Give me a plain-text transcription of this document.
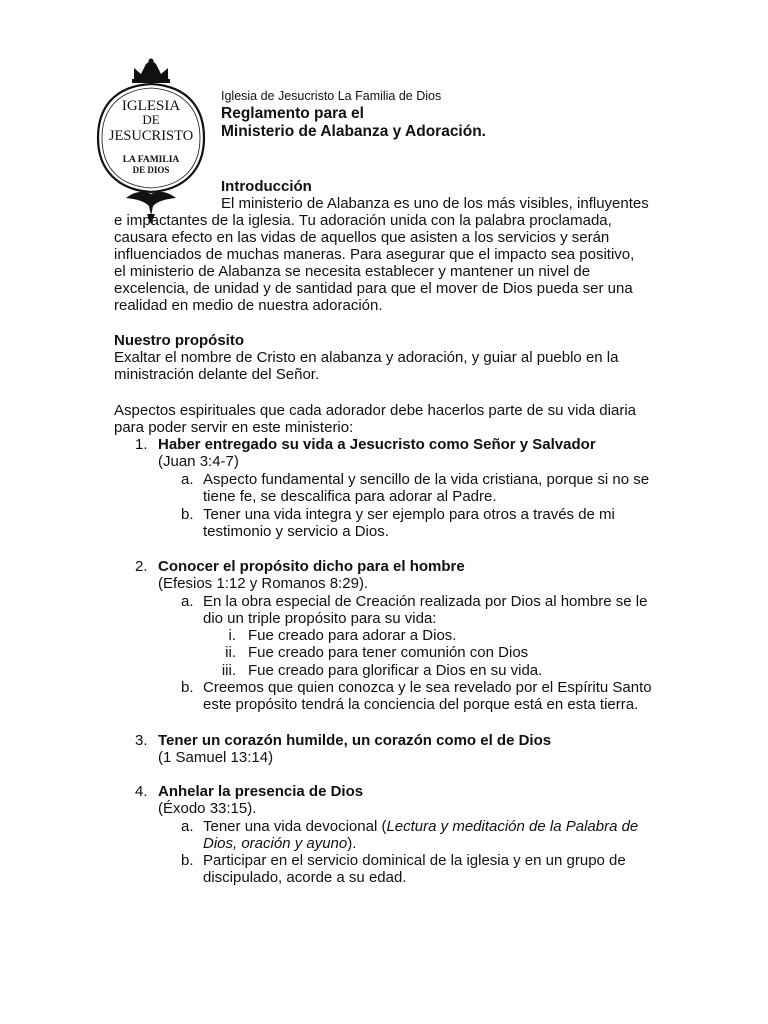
IGLESIA
DE
JESUCRISTO
LA FAMILIA
DE DIOS
Iglesia de Jesucristo La Familia de Dios
Reglamento para el
Ministerio de Alabanza y Adoración.
Introducción
El ministerio de Alabanza es uno de los más visibles, influyentes
e impactantes de la iglesia. Tu adoración unida con la palabra proclamada,
causara efecto en las vidas de aquellos que asisten a los servicios y serán
influenciados de muchas maneras. Para asegurar que el impacto sea positivo,
el ministerio de Alabanza se necesita establecer y mantener un nivel de
excelencia, de unidad y de santidad para que el mover de Dios pueda ser una
realidad en medio de nuestra adoración.
Nuestro propósito
Exaltar el nombre de Cristo en alabanza y adoración, y guiar al pueblo en la
ministración delante del Señor.
Aspectos espirituales que cada adorador debe hacerlos parte de su vida diaria
para poder servir en este ministerio:
1. Haber entregado su vida a Jesucristo como Señor y Salvador
(Juan 3:4-7)
a. Aspecto fundamental y sencillo de la vida cristiana, porque si no se
tiene fe, se descalifica para adorar al Padre.
b. Tener una vida integra y ser ejemplo para otros a través de mi
testimonio y servicio a Dios.
2. Conocer el propósito dicho para el hombre
(Efesios 1:12 y Romanos 8:29).
a. En la obra especial de Creación realizada por Dios al hombre se le
dio un triple propósito para su vida:
i. Fue creado para adorar a Dios.
ii. Fue creado para tener comunión con Dios
iii. Fue creado para glorificar a Dios en su vida.
b. Creemos que quien conozca y le sea revelado por el Espíritu Santo
este propósito tendrá la conciencia del porque está en esta tierra.
3. Tener un corazón humilde, un corazón como el de Dios
(1 Samuel 13:14)
4. Anhelar la presencia de Dios
(Éxodo 33:15).
a. Tener una vida devocional (Lectura y meditación de la Palabra de
Dios, oración y ayuno).
b. Participar en el servicio dominical de la iglesia y en un grupo de
discipulado, acorde a su edad.
